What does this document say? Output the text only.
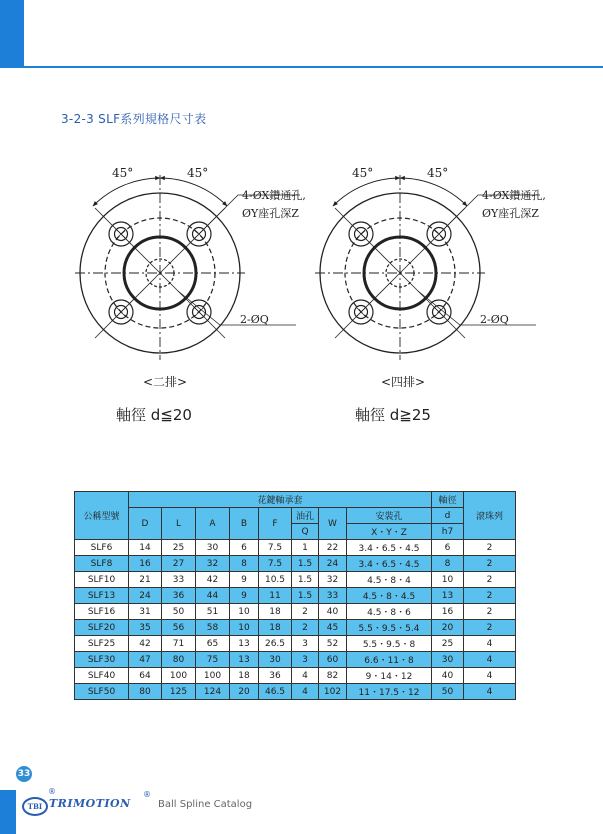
3-2-3 SLF系列規格尺寸表
45°	45°
4-ØX鑽通孔,
ØY座孔深Z
2-ØQ
45°	45°
4-ØX鑽通孔,
ØY座孔深Z
2-ØQ
<二排>	<四排>
軸徑 d≦20	軸徑 d≧25
公稱型號	花鍵軸承套								軸徑	滾珠列
	D	L	A	B	F	油孔	W	安裝孔	d	
						Q		X・Y・Z	h7	
SLF6	14	25	30	6	7.5	1	22	3.4・6.5・4.5	6	2
SLF8	16	27	32	8	7.5	1.5	24	3.4・6.5・4.5	8	2
SLF10	21	33	42	9	10.5	1.5	32	4.5・8・4	10	2
SLF13	24	36	44	9	11	1.5	33	4.5・8・4.5	13	2
SLF16	31	50	51	10	18	2	40	4.5・8・6	16	2
SLF20	35	56	58	10	18	2	45	5.5・9.5・5.4	20	2
SLF25	42	71	65	13	26.5	3	52	5.5・9.5・8	25	4
SLF30	47	80	75	13	30	3	60	6.6・11・8	30	4
SLF40	64	100	100	18	36	4	82	9・14・12	40	4
SLF50	80	125	124	20	46.5	4	102	11・17.5・12	50	4
33
TBI
®
TRIMOTION
®
Ball Spline Catalog
